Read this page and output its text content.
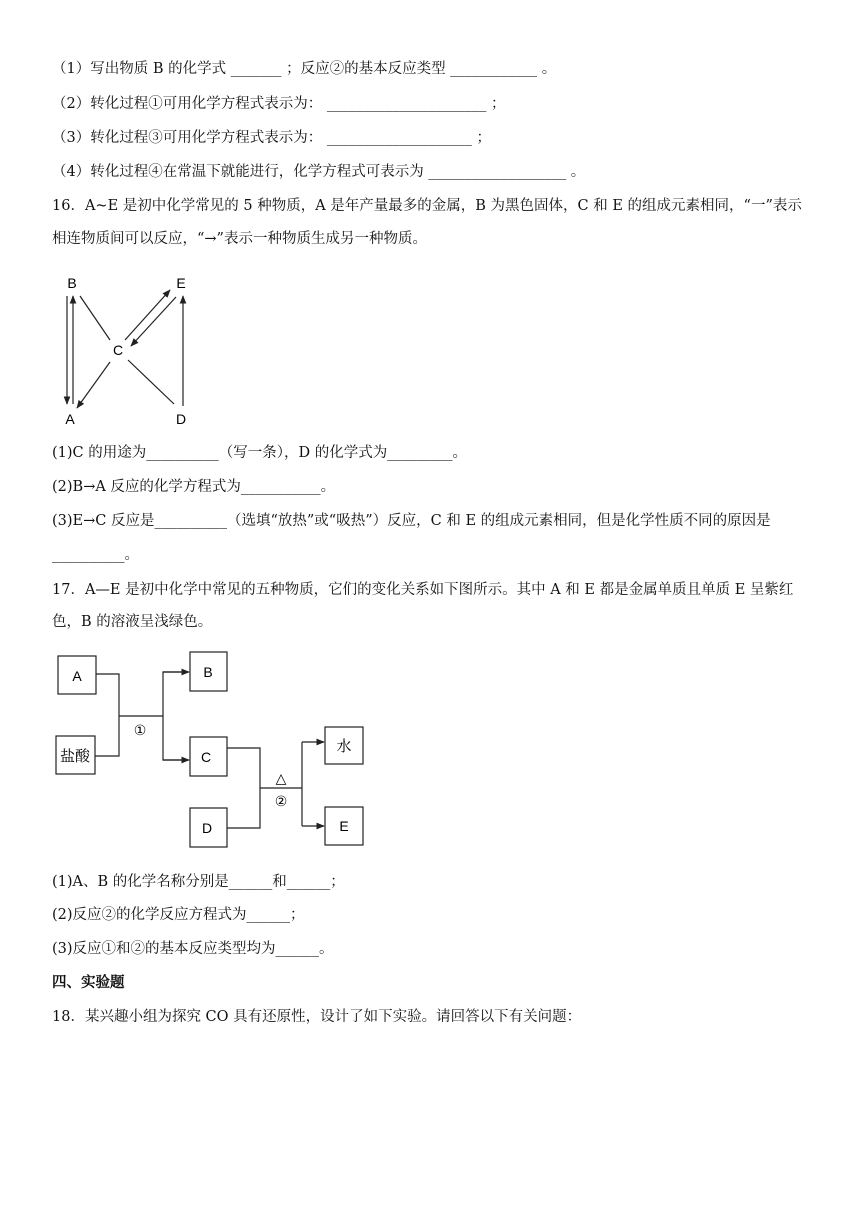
（1）写出物质 B 的化学式 _______ ；反应②的基本反应类型 ____________ 。
（2）转化过程①可用化学方程式表示为： ______________________ ；
（3）转化过程③可用化学方程式表示为： ____________________ ；
（4）转化过程④在常温下就能进行，化学方程式可表示为 ___________________ 。
16．A~E 是初中化学常见的 5 种物质，A 是年产量最多的金属，B 为黑色固体，C 和 E 的组成元素相同，“一”表示
相连物质间可以反应，“→”表示一种物质生成另一种物质。
B	E
C
A	D
(1)C 的用途为__________（写一条），D 的化学式为_________。
(2)B→A 反应的化学方程式为___________。
(3)E→C 反应是__________（选填“放热”或“吸热”）反应，C 和 E 的组成元素相同，但是化学性质不同的原因是
__________。
17．A—E 是初中化学中常见的五种物质，它们的变化关系如下图所示。其中 A 和 E 都是金属单质且单质 E 呈紫红
色，B 的溶液呈浅绿色。
A
盐酸
B
C
D
水
E
①
△
②
(1)A、B 的化学名称分别是______和______；
(2)反应②的化学反应方程式为______；
(3)反应①和②的基本反应类型均为______。
四、实验题
18．某兴趣小组为探究 CO 具有还原性，设计了如下实验。请回答以下有关问题：
